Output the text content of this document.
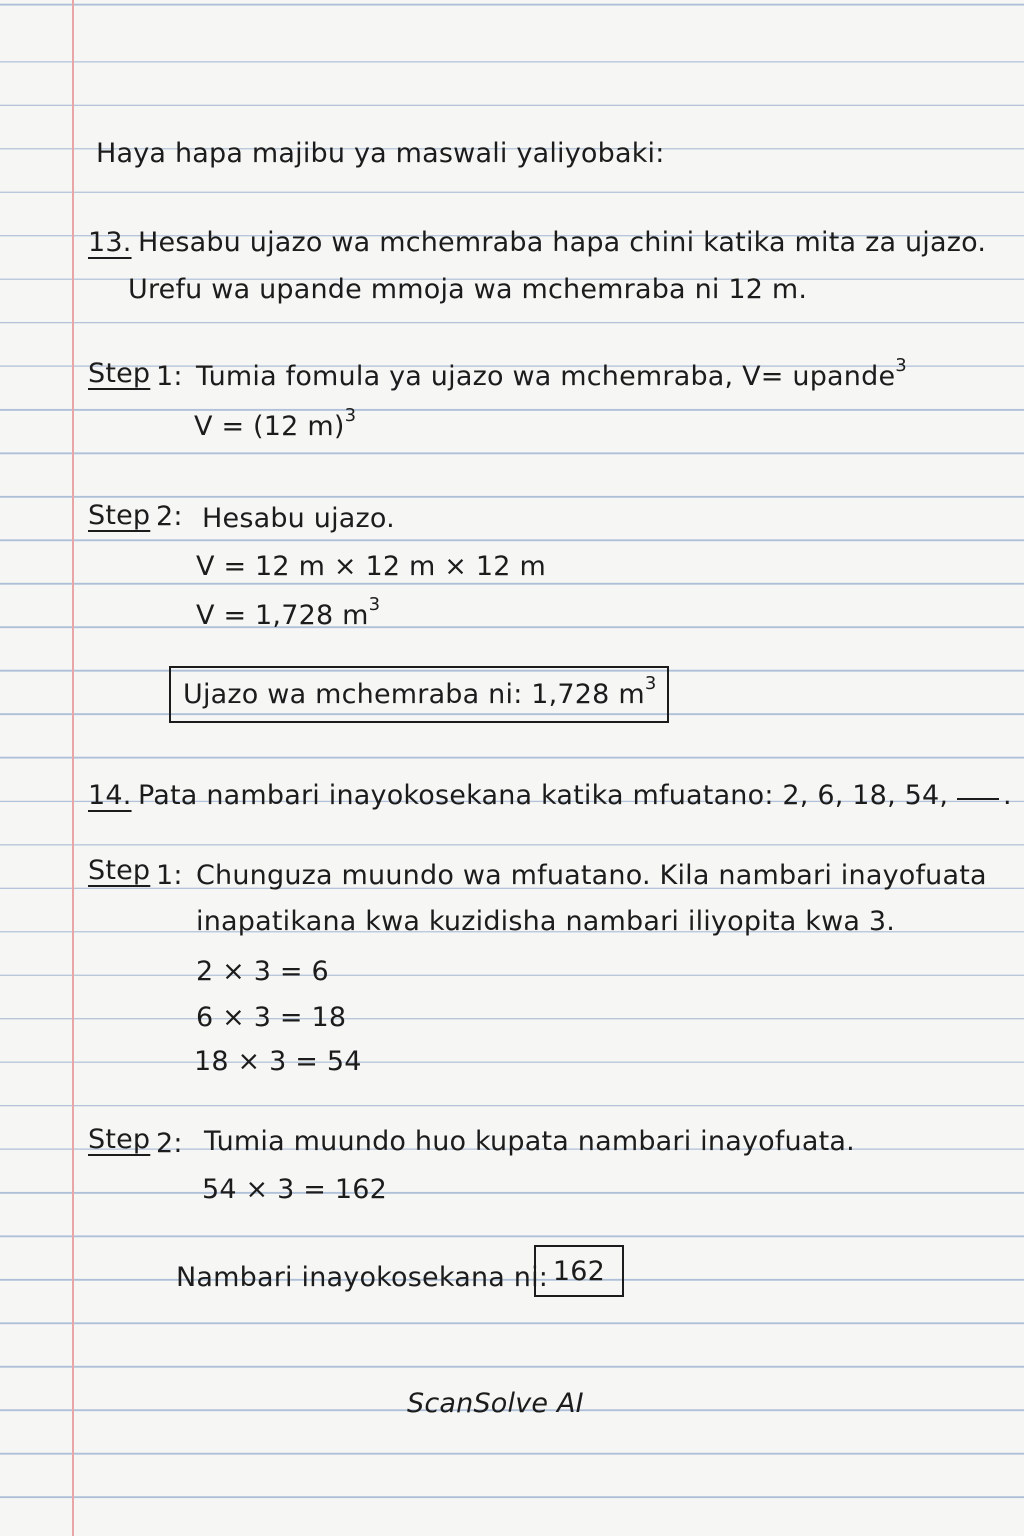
Haya hapa majibu ya maswali yaliyobaki:
13. Hesabu ujazo wa mchemraba hapa chini katika mita za ujazo.
Urefu wa upande mmoja wa mchemraba ni 12 m.
Step 1: Tumia fomula ya ujazo wa mchemraba, V= upande$^3$
V = (12 m)$^3$
Step 2: Hesabu ujazo.
V = 12 m × 12 m × 12 m
V = 1,728 $m^3$
Ujazo wa mchemraba ni: 1,728 $m^3$
14. Pata nambari inayokosekana katika mfuatano: 2, 6, 18, 54, .
Step 1: Chunguza muundo wa mfuatano. Kila nambari inayofuata
inapatikana kwa kuzidisha nambari iliyopita kwa 3.
2 × 3 = 6
6 × 3 = 18
18 × 3 = 54
Step 2: Tumia muundo huo kupata nambari inayofuata.
54 × 3 = 162
Nambari inayokosekana ni: 162
ScanSolve AI
